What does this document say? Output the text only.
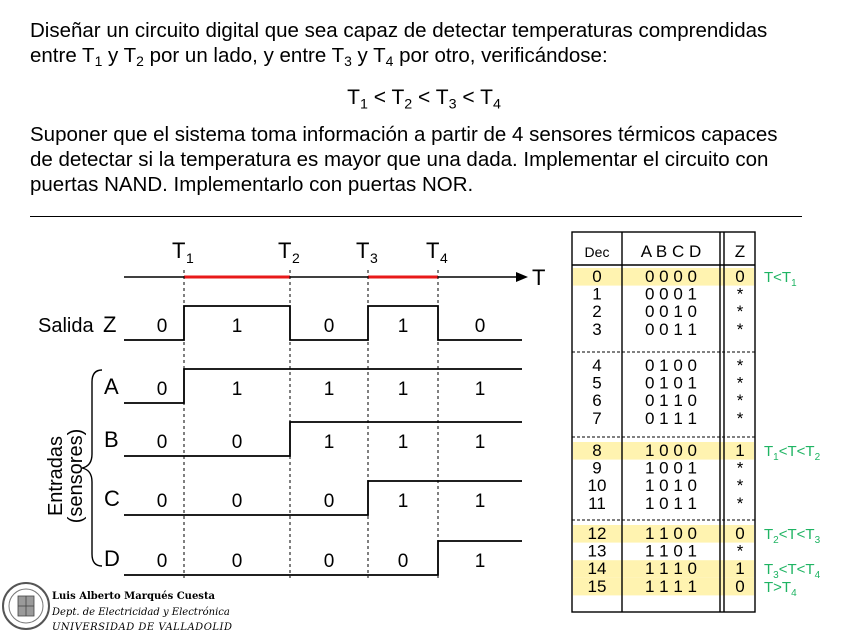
Diseñar un circuito digital que sea capaz de detectar temperaturas comprendidas
entre $T_1$ y $T_2$ por un lado, y entre $T_3$ y $T_4$ por otro, verificándose:

$T_1 < T_2 < T_3 < T_4$

Suponer que el sistema toma información a partir de 4 sensores térmicos capaces
de detectar si la temperatura es mayor que una dada. Implementar el circuito con
puertas NAND. Implementarlo con puertas NOR.

T
T 1	T 2	T 3 T 4
Salida Z
Entradas
(sensores)
0	1	0	1	0
0	1	1	1	1
A
0	0	1	1	1
B
0	0	0	1	1
C
0	0	0	0	1
D
Dec A B C D Z
0	0 0 0 0 0
1	0 0 0 1 *
2	0 0 1 0 *
3	0 0 1 1 *
4	0 1 0 0 *
5	0 1 0 1 *
6	0 1 1 0 *
7	0 1 1 1 *
8	1 0 0 0 1
9	1 0 0 1 *
10 1 0 1 0 *
11 1 0 1 1 *
12 1 1 0 0 0
13 1 1 0 1 *
14 1 1 1 0 1
15 1 1 1 1 0
$T<T_1$
$T_1<T<T_2$
$T_2<T<T_3$
$T_3<T<T_4$
$T>T_4$
Luis Alberto Marqués Cuesta
Dept. de Electricidad y Electrónica
UNIVERSIDAD DE VALLADOLID
